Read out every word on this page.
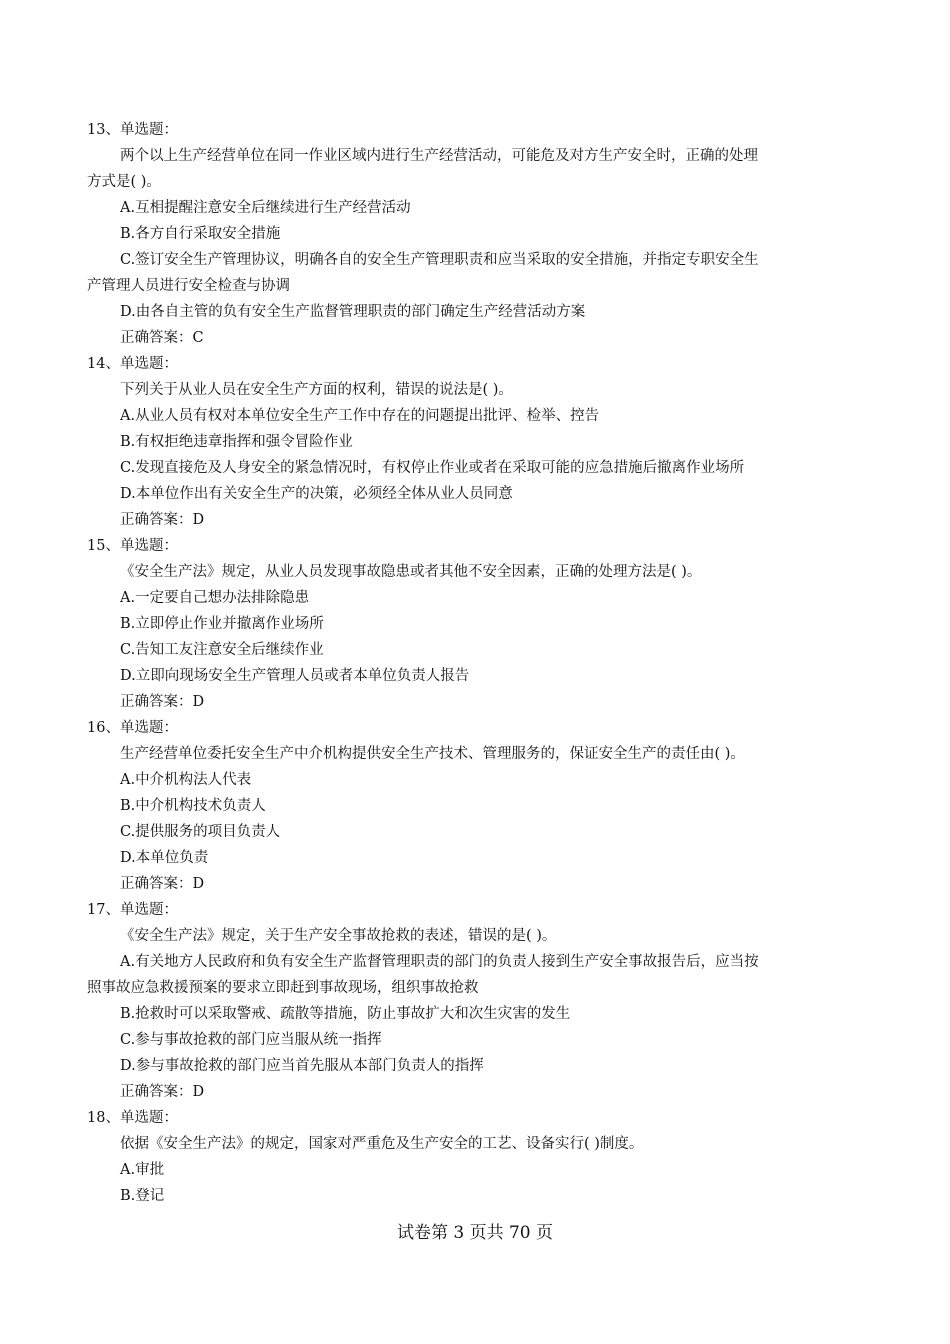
13、单选题：
两个以上生产经营单位在同一作业区域内进行生产经营活动，可能危及对方生产安全时，正确的处理
方式是( )。
A.互相提醒注意安全后继续进行生产经营活动
B.各方自行采取安全措施
C.签订安全生产管理协议，明确各自的安全生产管理职责和应当采取的安全措施，并指定专职安全生
产管理人员进行安全检查与协调
D.由各自主管的负有安全生产监督管理职责的部门确定生产经营活动方案
正确答案：C
14、单选题：
下列关于从业人员在安全生产方面的权利，错误的说法是( )。
A.从业人员有权对本单位安全生产工作中存在的问题提出批评、检举、控告
B.有权拒绝违章指挥和强令冒险作业
C.发现直接危及人身安全的紧急情况时，有权停止作业或者在采取可能的应急措施后撤离作业场所
D.本单位作出有关安全生产的决策，必须经全体从业人员同意
正确答案：D
15、单选题：
《安全生产法》规定，从业人员发现事故隐患或者其他不安全因素，正确的处理方法是( )。
A.一定要自己想办法排除隐患
B.立即停止作业并撤离作业场所
C.告知工友注意安全后继续作业
D.立即向现场安全生产管理人员或者本单位负责人报告
正确答案：D
16、单选题：
生产经营单位委托安全生产中介机构提供安全生产技术、管理服务的，保证安全生产的责任由( )。
A.中介机构法人代表
B.中介机构技术负责人
C.提供服务的项目负责人
D.本单位负责
正确答案：D
17、单选题：
《安全生产法》规定，关于生产安全事故抢救的表述，错误的是( )。
A.有关地方人民政府和负有安全生产监督管理职责的部门的负责人接到生产安全事故报告后，应当按
照事故应急救援预案的要求立即赶到事故现场，组织事故抢救
B.抢救时可以采取警戒、疏散等措施，防止事故扩大和次生灾害的发生
C.参与事故抢救的部门应当服从统一指挥
D.参与事故抢救的部门应当首先服从本部门负责人的指挥
正确答案：D
18、单选题：
依据《安全生产法》的规定，国家对严重危及生产安全的工艺、设备实行( )制度。
A.审批
B.登记
试卷第 3 页共 70 页
